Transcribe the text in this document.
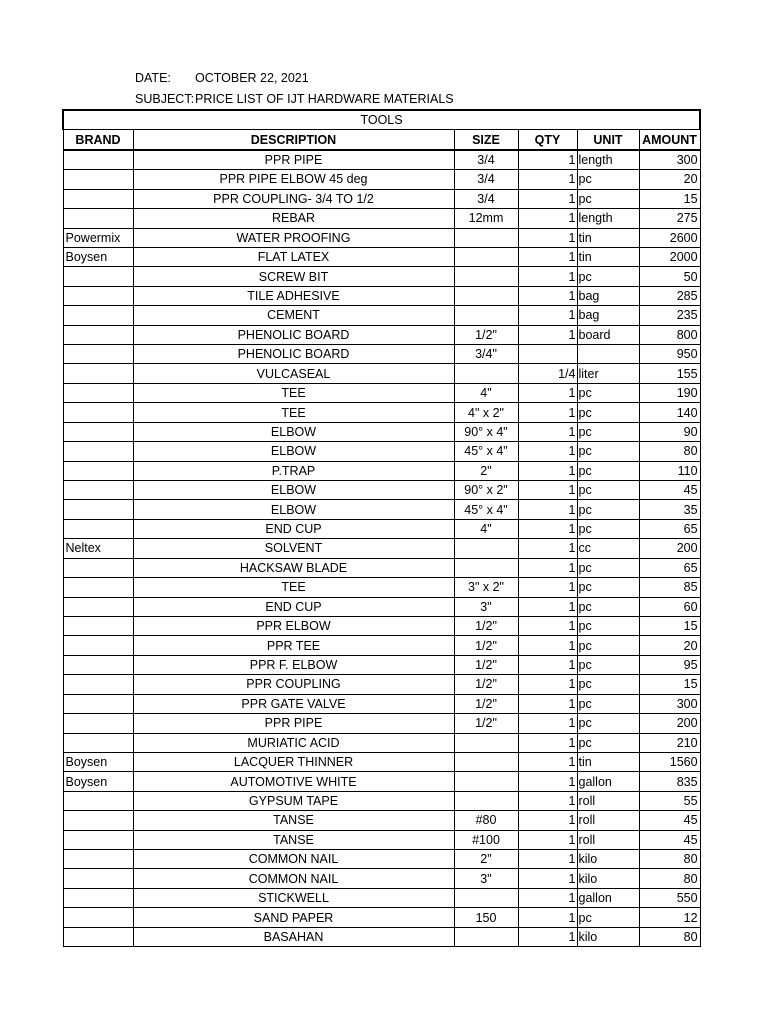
DATE: OCTOBER 22, 2021
SUBJECT:PRICE LIST OF IJT HARDWARE MATERIALS
TOOLS					
BRAND	DESCRIPTION	SIZE	QTY	UNIT	AMOUNT
	PPR PIPE	3/4	1	length	300
	PPR PIPE ELBOW 45 deg	3/4	1	pc	20
	PPR COUPLING- 3/4 TO 1/2	3/4	1	pc	15
	REBAR	12mm	1	length	275
Powermix	WATER PROOFING		1	tin	2600
Boysen	FLAT LATEX		1	tin	2000
	SCREW BIT		1	pc	50
	TILE ADHESIVE		1	bag	285
	CEMENT		1	bag	235
	PHENOLIC BOARD	1/2"	1	board	800
	PHENOLIC BOARD	3/4"			950
	VULCASEAL		1/4	liter	155
	TEE	4"	1	pc	190
	TEE	4" x 2"	1	pc	140
	ELBOW	90° x 4"	1	pc	90
	ELBOW	45° x 4"	1	pc	80
	P.TRAP	2"	1	pc	110
	ELBOW	90° x 2"	1	pc	45
	ELBOW	45° x 4"	1	pc	35
	END CUP	4"	1	pc	65
Neltex	SOLVENT		1	cc	200
	HACKSAW BLADE		1	pc	65
	TEE	3" x 2"	1	pc	85
	END CUP	3"	1	pc	60
	PPR ELBOW	1/2"	1	pc	15
	PPR TEE	1/2"	1	pc	20
	PPR F. ELBOW	1/2"	1	pc	95
	PPR COUPLING	1/2"	1	pc	15
	PPR GATE VALVE	1/2"	1	pc	300
	PPR PIPE	1/2"	1	pc	200
	MURIATIC ACID		1	pc	210
Boysen	LACQUER THINNER		1	tin	1560
Boysen	AUTOMOTIVE WHITE		1	gallon	835
	GYPSUM TAPE		1	roll	55
	TANSE	#80	1	roll	45
	TANSE	#100	1	roll	45
	COMMON NAIL	2"	1	kilo	80
	COMMON NAIL	3"	1	kilo	80
	STICKWELL		1	gallon	550
	SAND PAPER	150	1	pc	12
	BASAHAN		1	kilo	80
